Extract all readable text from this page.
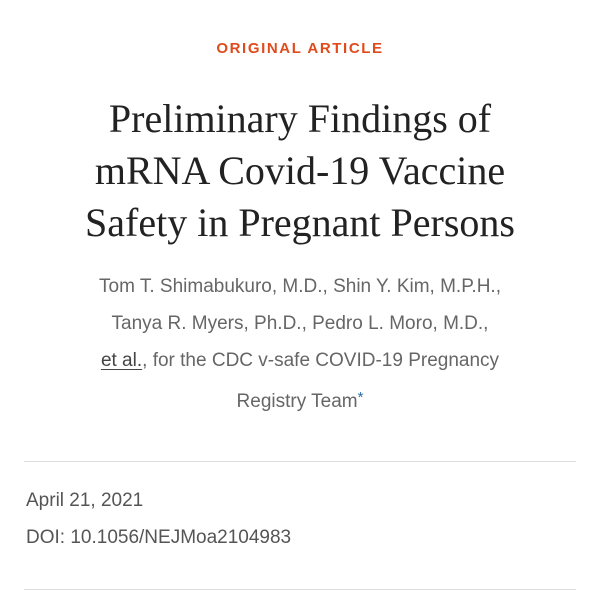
ORIGINAL ARTICLE
Preliminary Findings of
mRNA Covid-19 Vaccine
Safety in Pregnant Persons

Tom T. Shimabukuro, M.D., Shin Y. Kim, M.P.H.,
Tanya R. Myers, Ph.D., Pedro L. Moro, M.D.,
et al., for the CDC v-safe COVID-19 Pregnancy
Registry Team*

April 21, 2021
DOI: 10.1056/NEJMoa2104983
